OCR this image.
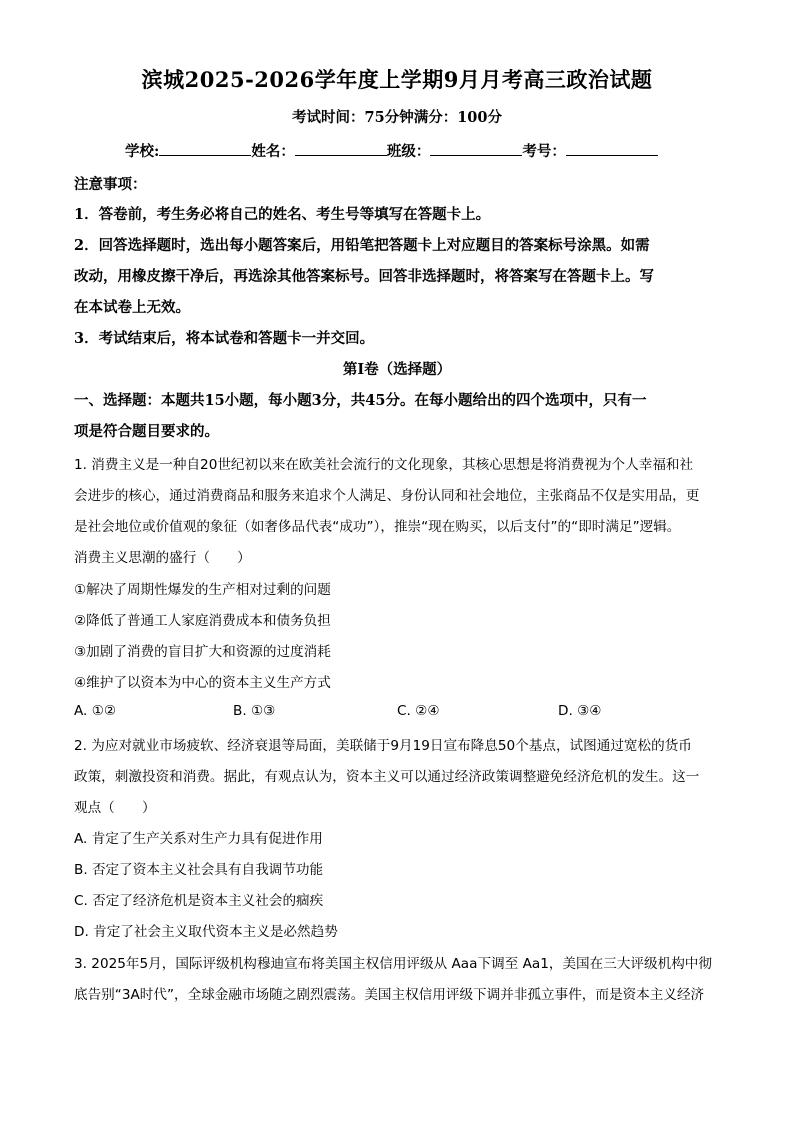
滨城2025-2026学年度上学期9月月考高三政治试题
考试时间：75分钟满分：100分
学校:	姓名：	班级：	考号：
注意事项：
1．答卷前，考生务必将自己的姓名、考生号等填写在答题卡上。
2．回答选择题时，选出每小题答案后，用铅笔把答题卡上对应题目的答案标号涂黑。如需
改动，用橡皮擦干净后，再选涂其他答案标号。回答非选择题时，将答案写在答题卡上。写
在本试卷上无效。
3．考试结束后，将本试卷和答题卡一并交回。
第Ⅰ卷（选择题）
一、选择题：本题共15小题，每小题3分，共45分。在每小题给出的四个选项中，只有一
项是符合题目要求的。
1. 消费主义是一种自20世纪初以来在欧美社会流行的文化现象，其核心思想是将消费视为个人幸福和社
会进步的核心，通过消费商品和服务来追求个人满足、身份认同和社会地位，主张商品不仅是实用品，更
是社会地位或价值观的象征（如奢侈品代表“成功”），推崇“现在购买，以后支付”的“即时满足”逻辑。
消费主义思潮的盛行（　　）
①解决了周期性爆发的生产相对过剩的问题
②降低了普通工人家庭消费成本和债务负担
③加剧了消费的盲目扩大和资源的过度消耗
④维护了以资本为中心的资本主义生产方式
A. ①②	B. ①③	C. ②④	D. ③④
2. 为应对就业市场疲软、经济衰退等局面，美联储于9月19日宣布降息50个基点，试图通过宽松的货币
政策，刺激投资和消费。据此，有观点认为，资本主义可以通过经济政策调整避免经济危机的发生。这一
观点（　　）
A. 肯定了生产关系对生产力具有促进作用
B. 否定了资本主义社会具有自我调节功能
C. 否定了经济危机是资本主义社会的痼疾
D. 肯定了社会主义取代资本主义是必然趋势
3. 2025年5月，国际评级机构穆迪宣布将美国主权信用评级从 Aaa下调至 Aa1，美国在三大评级机构中彻
底告别“3A时代”，全球金融市场随之剧烈震荡。美国主权信用评级下调并非孤立事件，而是资本主义经济
